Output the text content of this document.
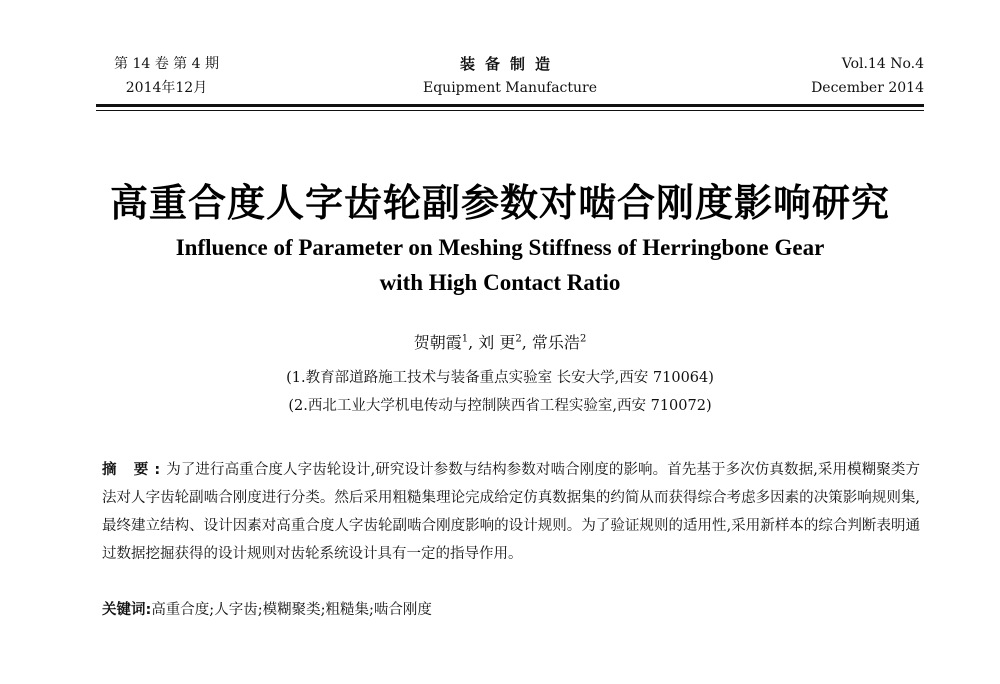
第 14 卷 第 4 期
2014年12月
装备制造
Equipment Manufacture
Vol.14 No.4
December 2014
高重合度人字齿轮副参数对啮合刚度影响研究
Influence of Parameter on Meshing Stiffness of Herringbone Gear
with High Contact Ratio
贺朝霞$^1$, 刘 更$^2$, 常乐浩$^2$
(1.教育部道路施工技术与装备重点实验室 长安大学,西安 710064)
(2.西北工业大学机电传动与控制陕西省工程实验室,西安 710072)
摘 要:为了进行高重合度人字齿轮设计,研究设计参数与结构参数对啮合刚度的影响。首先基于多次仿真数据,采用模糊聚类方法对人字齿轮副啮合刚度进行分类。然后采用粗糙集理论完成给定仿真数据集的约简从而获得综合考虑多因素的决策影响规则集,最终建立结构、设计因素对高重合度人字齿轮副啮合刚度影响的设计规则。为了验证规则的适用性,采用新样本的综合判断表明通过数据挖掘获得的设计规则对齿轮系统设计具有一定的指导作用。
关键词:高重合度;人字齿;模糊聚类;粗糙集;啮合刚度
